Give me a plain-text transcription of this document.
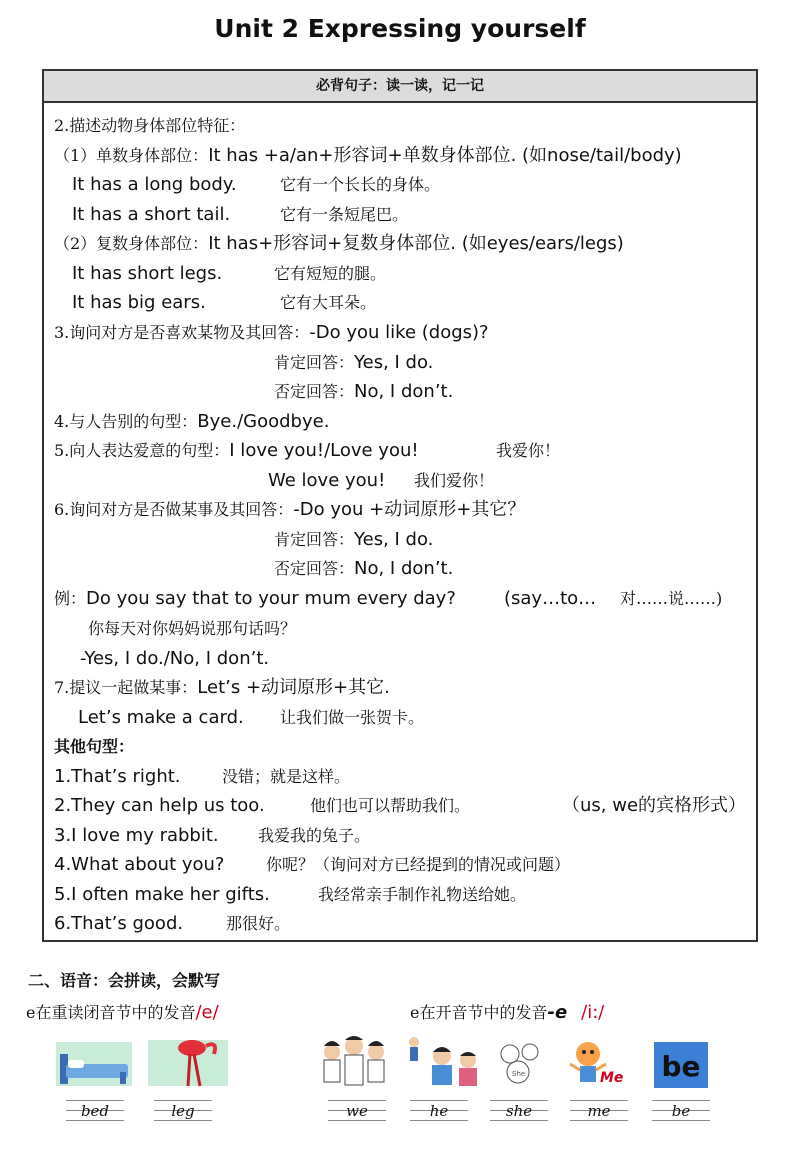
Unit 2 Expressing yourself
必背句子：读一读，记一记
2.描述动物身体部位特征：
（1）单数身体部位：It has +a/an+形容词+单数身体部位. (如nose/tail/body)
It has a long body.	它有一个长长的身体。
It has a short tail.	它有一条短尾巴。
（2）复数身体部位：It has+形容词+复数身体部位. (如eyes/ears/legs)
It has short legs.	它有短短的腿。
It has big ears.	它有大耳朵。
3.询问对方是否喜欢某物及其回答：-Do you like (dogs)?
肯定回答：Yes, I do.
否定回答：No, I don’t.
4.与人告别的句型：Bye./Goodbye.
5.向人表达爱意的句型：I love you!/Love you!	我爱你！
We love you! 我们爱你！
6.询问对方是否做某事及其回答：-Do you +动词原形+其它？
肯定回答：Yes, I do.
否定回答：No, I don’t.
例：Do you say that to your mum every day?	(say…to… 对……说……)
你每天对你妈妈说那句话吗？
-Yes, I do./No, I don’t.
7.提议一起做某事：Let’s +动词原形+其它.
Let’s make a card. 让我们做一张贺卡。
其他句型：
1.That’s right.	没错；就是这样。
2.They can help us too.	他们也可以帮助我们。	（us, we的宾格形式）
3.I love my rabbit. 我爱我的兔子。
4.What about you?	你呢？（询问对方已经提到的情况或问题）
5.I often make her gifts.	我经常亲手制作礼物送给她。
6.That’s good.	那很好。
二、语音：会拼读，会默写
e在重读闭音节中的发音/e/	e在开音节中的发音-e /i:/
She	Me be
bed	leg	we	he	she	me	be
